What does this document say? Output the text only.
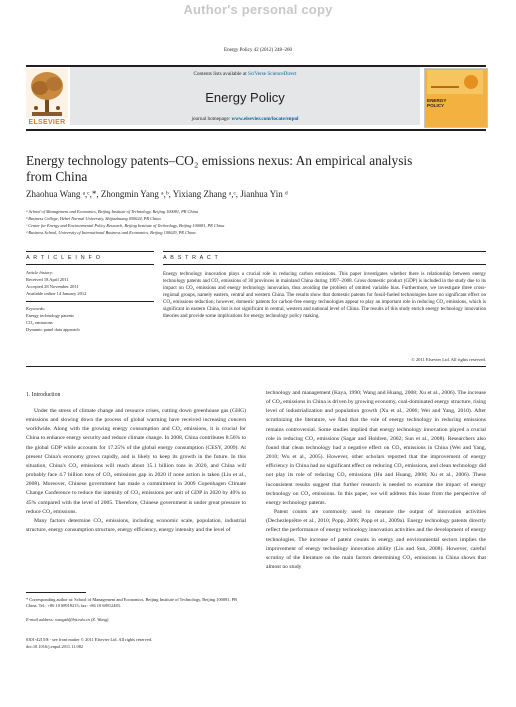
Author's personal copy
Energy Policy 42 (2012) 248–260
Contents lists available at SciVerse ScienceDirect
Energy Policy
journal homepage: www.elsevier.com/locate/enpol
ELSEVIER
ENERGY
POLICY
Energy technology patents–CO₂ emissions nexus: An empirical analysis
from China
Zhaohua Wang ᵃ,ᶜ,*, Zhongmin Yang ᵃ,ᵇ, Yixiang Zhang ᵃ,ᶜ, Jianhua Yin ᵈ
ᵃ School of Management and Economics, Beijing Institute of Technology, Beijing 100081, PR China
ᵇ Business College, Hebei Normal University, Shijiazhuang 050024, PR China
ᶜ Center for Energy and Environmental Policy Research, Beijing Institute of Technology, Beijing 100081, PR China
ᵈ Business School, University of International Business and Economics, Beijing 100029, PR China
A R T I C L E I N F O
Article history:
Received 18 April 2011
Accepted 28 November 2011
Available online 14 January 2012
Keywords:
Energy technology patents
CO₂ emissions
Dynamic panel data approach
A B S T R A C T
Energy technology innovation plays a crucial role in reducing carbon emissions. This paper investigates whether there is relationship between energy technology patents and CO₂ emissions of 30 provinces in mainland China during 1997–2008. Gross domestic product (GDP) is included in the study due to its impact on CO₂ emissions and energy technology innovation, thus avoiding the problem of omitted variable bias. Furthermore, we investigate three cross-regional groups, namely eastern, central and western China. The results show that domestic patents for fossil-fueled technologies have no significant effect on CO₂ emissions reduction; however, domestic patents for carbon-free energy technologies appear to play an important role in reducing CO₂ emissions, which is significant in eastern China, but is not significant in central, western and national level of China. The results of this study enrich energy technology innovation theories and provide some implications for energy technology policy making.
© 2011 Elsevier Ltd. All rights reserved.
1. Introduction

Under the stress of climate change and resource crises, cutting down greenhouse gas (GHG) emissions and slowing down the process of global warming have received increasing concern worldwide. Along with the growing energy consumption and CO₂ emissions, it is crucial for China to enhance energy security and reduce climate change. In 2008, China contributes 8.56% to the global GDP while accounts for 17.25% of the global energy consumption (CESY, 2009). At present China's economy grows rapidly, and is likely to keep its growth in the future. In this situation, China's CO₂ emissions will reach about 15.1 billion tons in 2020, and China will probably face 4.7 billion tons of CO₂ emissions gap in 2020 if none action is taken (Liu et al., 2008). Moreover, Chinese government has made a commitment in 2009 Copenhagen Climate Change Conference to reduce the intensity of CO₂ emissions per unit of GDP in 2020 by 40% to 45% compared with the level of 2005. Therefore, Chinese government is under great pressure to reduce CO₂ emissions.

Many factors determine CO₂ emissions, including economic scale, population, industrial structure, energy consumption structure, energy efficiency, energy intensity and the level of

* Corresponding author at: School of Management and Economics, Beijing Institute of Technology, Beijing 100081, PR China. Tel.: +86 10 68918213; fax: +86 10 68912483.
E-mail address: wangzh@bit.edu.cn (Z. Wang).
0301-4215/$ - see front matter © 2011 Elsevier Ltd. All rights reserved.
doi:10.1016/j.enpol.2011.11.082

technology and management (Kaya, 1990; Wang and Huang, 2008; Xu et al., 2006). The increase of CO₂ emissions in China is driven by growing economy, coal-dominated energy structure, rising level of industrialization and population growth (Xu et al., 2006; Wei and Yang, 2010). After scrutinizing the literature, we find that the role of energy technology in reducing emissions remains controversial. Some studies implied that energy technology innovation played a crucial role in reducing CO₂ emissions (Sagar and Holdren, 2002; Sun et al., 2008). Researchers also found that clean technology had a negative effect on CO₂ emissions in China (Wei and Yang, 2010; Wu et al., 2005). However, other scholars reported that the improvement of energy efficiency in China had no significant effect on reducing CO₂ emissions, and clean technology did not play its role of reducing CO₂ emissions (Hu and Huang, 2008; Xu et al., 2006). These inconsistent results suggest that further research is needed to examine the impact of energy technology on CO₂ emissions. In this paper, we will address this issue from the perspective of energy technology patents.

Patent counts are commonly used to measure the output of innovation activities (Dechezleprêtre et al., 2010; Popp, 2006; Popp et al., 2009a). Energy technology patents directly reflect the performance of energy technology innovation activities and the development of energy technologies. The increase of patent counts in energy and environmental sectors implies the improvement of energy technology innovation ability (Liu and Sun, 2008). However, careful scrutiny of the literature on the main factors determining CO₂ emissions in China shows that almost no study
